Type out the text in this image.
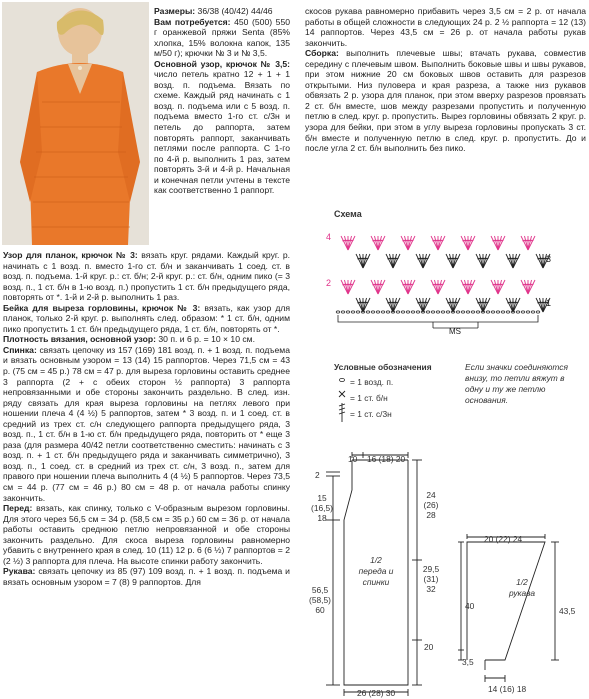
Размеры: 36/38 (40/42) 44/46

Вам потребуется: 450 (500) 550 г оранжевой пряжи Senta (85% хлопка, 15% волокна капок, 135 м/50 г); крючки № 3 и № 3,5.

Основной узор, крючок № 3,5: число петель кратно 12 + 1 + 1 возд. п. подъема. Вязать по схеме. Каждый ряд начинать с 1 возд. п. подъема или с 5 возд. п. подъема вместо 1-го ст. с/3н и петель до раппорта, затем повторять раппорт, заканчивать петлями после раппорта. С 1-го по 4-й р. выполнить 1 раз, затем повторять 3-й и 4-й р. Начальная и конечная петли учтены в тексте как соответственно 1 раппорт.

Узор для планок, крючок № 3: вязать круг. рядами. Каждый круг. р. начинать с 1 возд. п. вместо 1-го ст. б/н и заканчивать 1 соед. ст. в возд. п. подъема. 1-й круг. р.: ст. б/н; 2-й круг. р.: ст. б/н, одним пико (= 3 возд. п., 1 ст. б/н в 1-ю возд. п.) пропустить 1 ст. б/н предыдущего ряда, повторять от *. 1-й и 2-й р. выполнить 1 раз.

Бейка для выреза горловины, крючок № 3: вязать, как узор для планок, только 2-й круг. р. выполнять след. образом: * 1 ст. б/н, одним пико пропустить 1 ст. б/н предыдущего ряда, 1 ст. б/н, повторять от *.

Плотность вязания, основной узор: 30 п. и 6 р. = 10 × 10 см.

Спинка: связать цепочку из 157 (169) 181 возд. п. + 1 возд. п. подъема и вязать основным узором = 13 (14) 15 раппортов. Через 71,5 см = 43 р. (75 см = 45 р.) 78 см = 47 р. для выреза горловины оставить среднее 3 раппорта (2 + с обеих сторон ½ раппорта) 3 раппорта непровязанными и обе стороны закончить раздельно. В след. изн. ряду связать для края выреза горловины на петлях левого при ношении плеча 4 (4 ½) 5 раппортов, затем * 3 возд. п. и 1 соед. ст. в средний из трех ст. с/н следующего раппорта предыдущего ряда, 3 возд. п., 1 ст. б/н в 1-ю ст. б/н предыдущего ряда, повторить от * еще 3 раза (для размера 40/42 петли соответственно сместить: начинать с 3 возд. п. + 1 ст. б/н предыдущего ряда и заканчивать симметрично), 3 возд. п., 1 соед. ст. в средний из трех ст. с/н, 3 возд. п., затем для правого при ношении плеча выполнить 4 (4 ½) 5 раппортов. Через 73,5 см = 44 р. (77 см = 46 р.) 80 см = 48 р. от начала работы спинку закончить.

Перед: вязать, как спинку, только с V-образным вырезом горловины. Для этого через 56,5 см = 34 р. (58,5 см = 35 р.) 60 см = 36 р. от начала работы оставить среднюю петлю непровязанной и обе стороны закончить раздельно. Для скоса выреза горловины равномерно убавить с внутреннего края в след. 10 (11) 12 р. 6 (6 ½) 7 раппортов = 2 (2 ½) 3 раппорта для плеча. На высоте спинки работу закончить.

Рукава: связать цепочку из 85 (97) 109 возд. п. + 1 возд. п. подъема и вязать основным узором = 7 (8) 9 раппортов. Для

скосов рукава равномерно прибавить через 3,5 см = 2 р. от начала работы в общей сложности в следующих 24 р. 2 ½ раппорта = 12 (13) 14 раппортов. Через 43,5 см = 26 р. от начала работы рукав закончить.

Сборка: выполнить плечевые швы; втачать рукава, совместив середину с плечевым швом. Выполнить боковые швы и швы рукавов, при этом нижние 20 см боковых швов оставить для разрезов открытыми. Низ пуловера и края разреза, а также низ рукавов обвязать 2 р. узора для планок, при этом вверху разрезов провязать 2 ст. б/н вместе, шов между разрезами пропустить и полученную петлю в след. круг. р. пропустить. Вырез горловины обвязать 2 круг. р. узора для бейки, при этом в углу выреза горловины пропускать 3 ст. б/н вместе и полученную петлю в след. круг. р. пропустить. До и после угла 2 ст. б/н выполнить без пико.

Схема
4
3
2
1
MS
Условные обозначения
= 1 возд. п.
= 1 ст. б/н
= 1 ст. с/3н
Если значки соединяются внизу, то петли вяжут в одну и ту же петлю основания.
10 16 (18) 20
2
15 (16,5) 18
56,5 (58,5) 60
24 (26) 28
29,5 (31) 32
20
26 (28) 30
1/2 переда и спинки
20 (22) 24
40
3,5
43,5
14 (16) 18
1/2 рукава
